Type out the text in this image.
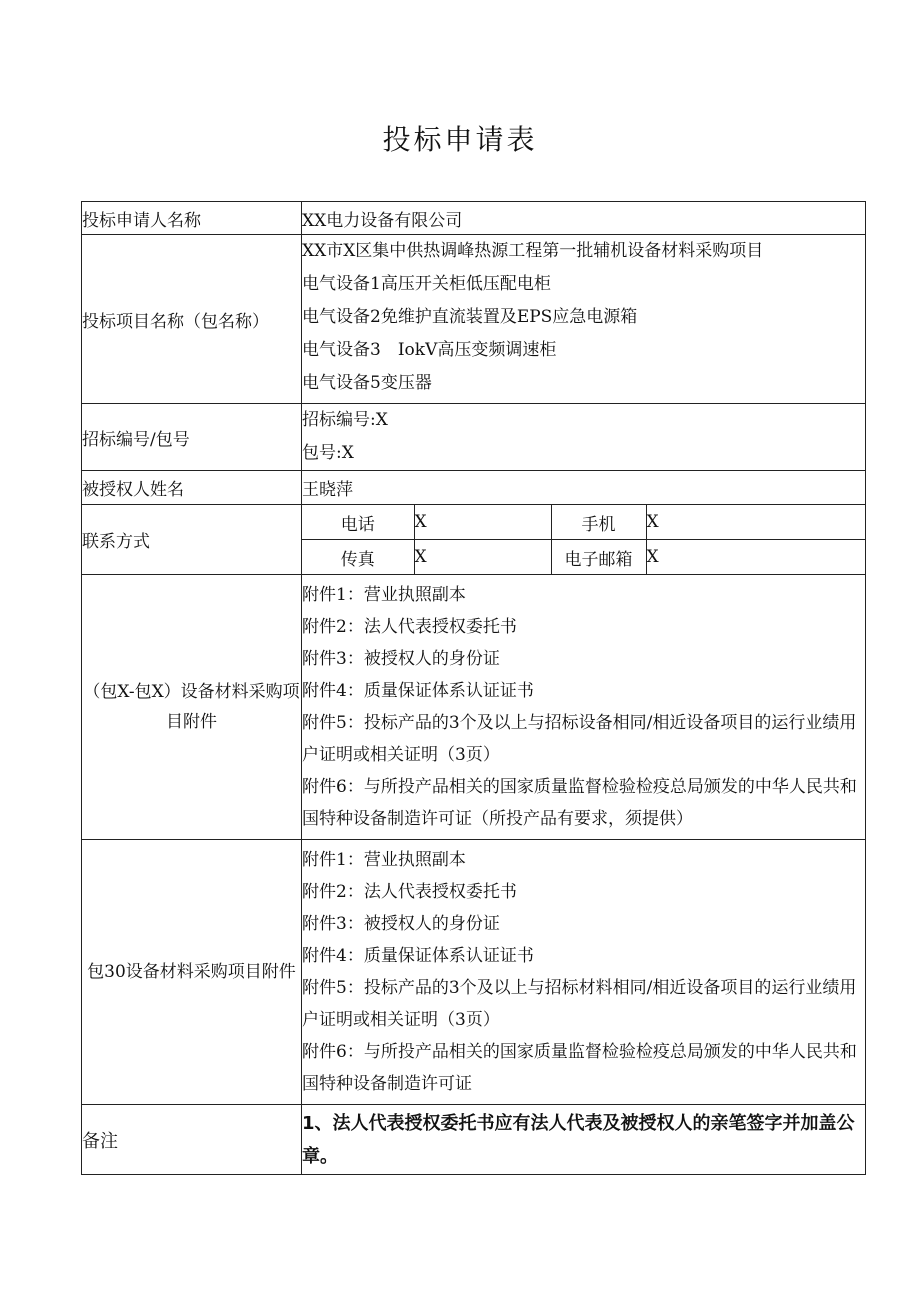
投标申请表
投标申请人名称	XX电力设备有限公司
投标项目名称（包名称）	
XX市X区集中供热调峰热源工程第一批辅机设备材料采购项目
电气设备1高压开关柜低压配电柜
电气设备2免维护直流装置及EPS应急电源箱
电气设备3　IokV高压变频调速柜
电气设备5变压器

招标编号/包号	
招标编号:X
包号:X

被授权人姓名	王晓萍
联系方式	
电话	X	手机	X
传真	X	电子邮箱	X

（包X-包X）设备材料采购项目附件	
附件1：营业执照副本
附件2：法人代表授权委托书
附件3：被授权人的身份证
附件4：质量保证体系认证证书
附件5：投标产品的3个及以上与招标设备相同/相近设备项目的运行业绩用户证明或相关证明（3页）
附件6：与所投产品相关的国家质量监督检验检疫总局颁发的中华人民共和国特种设备制造许可证（所投产品有要求，须提供）

包30设备材料采购项目附件	
附件1：营业执照副本
附件2：法人代表授权委托书
附件3：被授权人的身份证
附件4：质量保证体系认证证书
附件5：投标产品的3个及以上与招标材料相同/相近设备项目的运行业绩用户证明或相关证明（3页）
附件6：与所投产品相关的国家质量监督检验检疫总局颁发的中华人民共和国特种设备制造许可证

备注	1、法人代表授权委托书应有法人代表及被授权人的亲笔签字并加盖公章。
